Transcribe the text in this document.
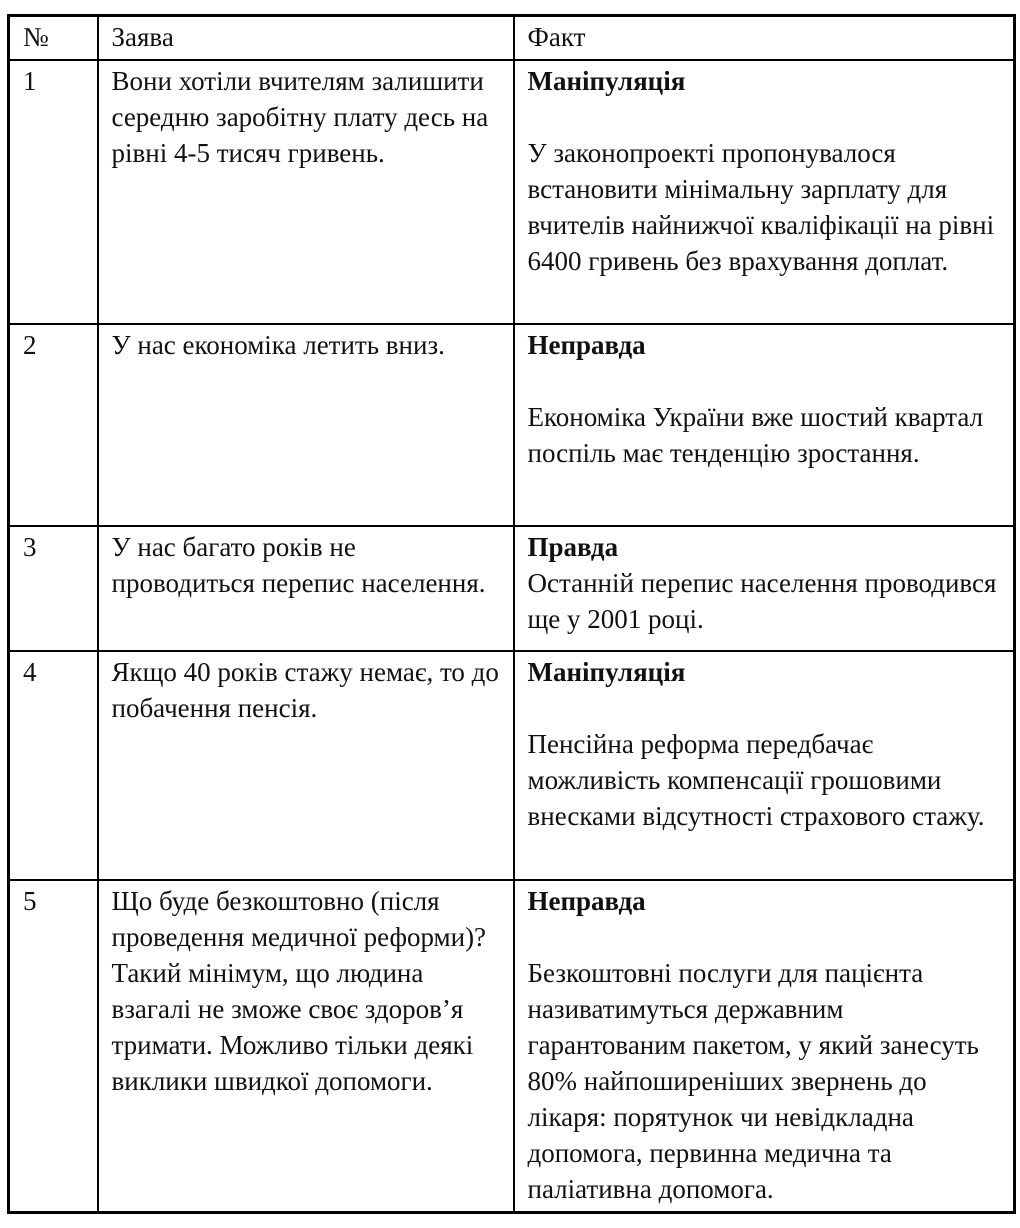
№	Заява	Факт
1	Вони хотіли вчителям залишити середню заробітну плату десь на рівні 4-5 тисяч гривень.	Маніпуляція
У законопроекті пропонувалося встановити мінімальну зарплату для вчителів найнижчої кваліфікації на рівні 6400 гривень без врахування доплат.

2	У нас економіка летить вниз.	Неправда
Економіка України вже шостий квартал поспіль має тенденцію зростання.

3	У нас багато років не проводиться перепис населення.	Правда
Останній перепис населення проводився ще у 2001 році.

4	Якщо 40 років стажу немає, то до побачення пенсія.	Маніпуляція
Пенсійна реформа передбачає можливість компенсації грошовими внесками відсутності страхового стажу.

5	Що буде безкоштовно (після проведення медичної реформи)? Такий мінімум, що людина взагалі не зможе своє здоров’я тримати. Можливо тільки деякі виклики швидкої допомоги.	Неправда
Безкоштовні послуги для пацієнта називатимуться державним гарантованим пакетом, у який занесуть 80% найпоширеніших звернень до лікаря: порятунок чи невідкладна допомога, первинна медична та паліативна допомога.
